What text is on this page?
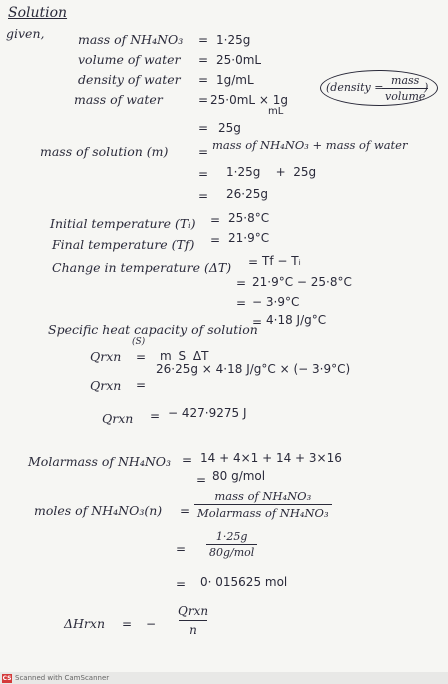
Solution
given,	mass of NH₄NO₃ = 1·25g
volume of water = 25·0mL
density of water = 1g/mL
mass of water	= 25·0mL × 1g
mL
(density =
mass
volume
)
= 25g
mass of solution (m) = mass of NH₄NO₃ + mass of water
= 1·25g    +  25g
= 26·25g
Initial temperature (Tᵢ) = 25·8°C
Final temperature (Tf) = 21·9°C
Change in temperature (ΔT) = Tf − Tᵢ
= 21·9°C − 25·8°C
= − 3·9°C
Specific heat capacity of solution
(S)
= 4·18 J/g°C
Qrxn = m S ΔT
Qrxn =
26·25g × 4·18 J/g°C × (− 3·9°C)
Qrxn = − 427·9275 J
Molarmass of NH₄NO₃ = 14 + 4×1 + 14 + 3×16
= 80 g/mol
moles of NH₄NO₃(n) =
mass of NH₄NO₃
Molarmass of NH₄NO₃
=
1·25g
80g/mol
= 0· 015625 mol
ΔHrxn = −
Qrxn
n
CS Scanned with CamScanner
